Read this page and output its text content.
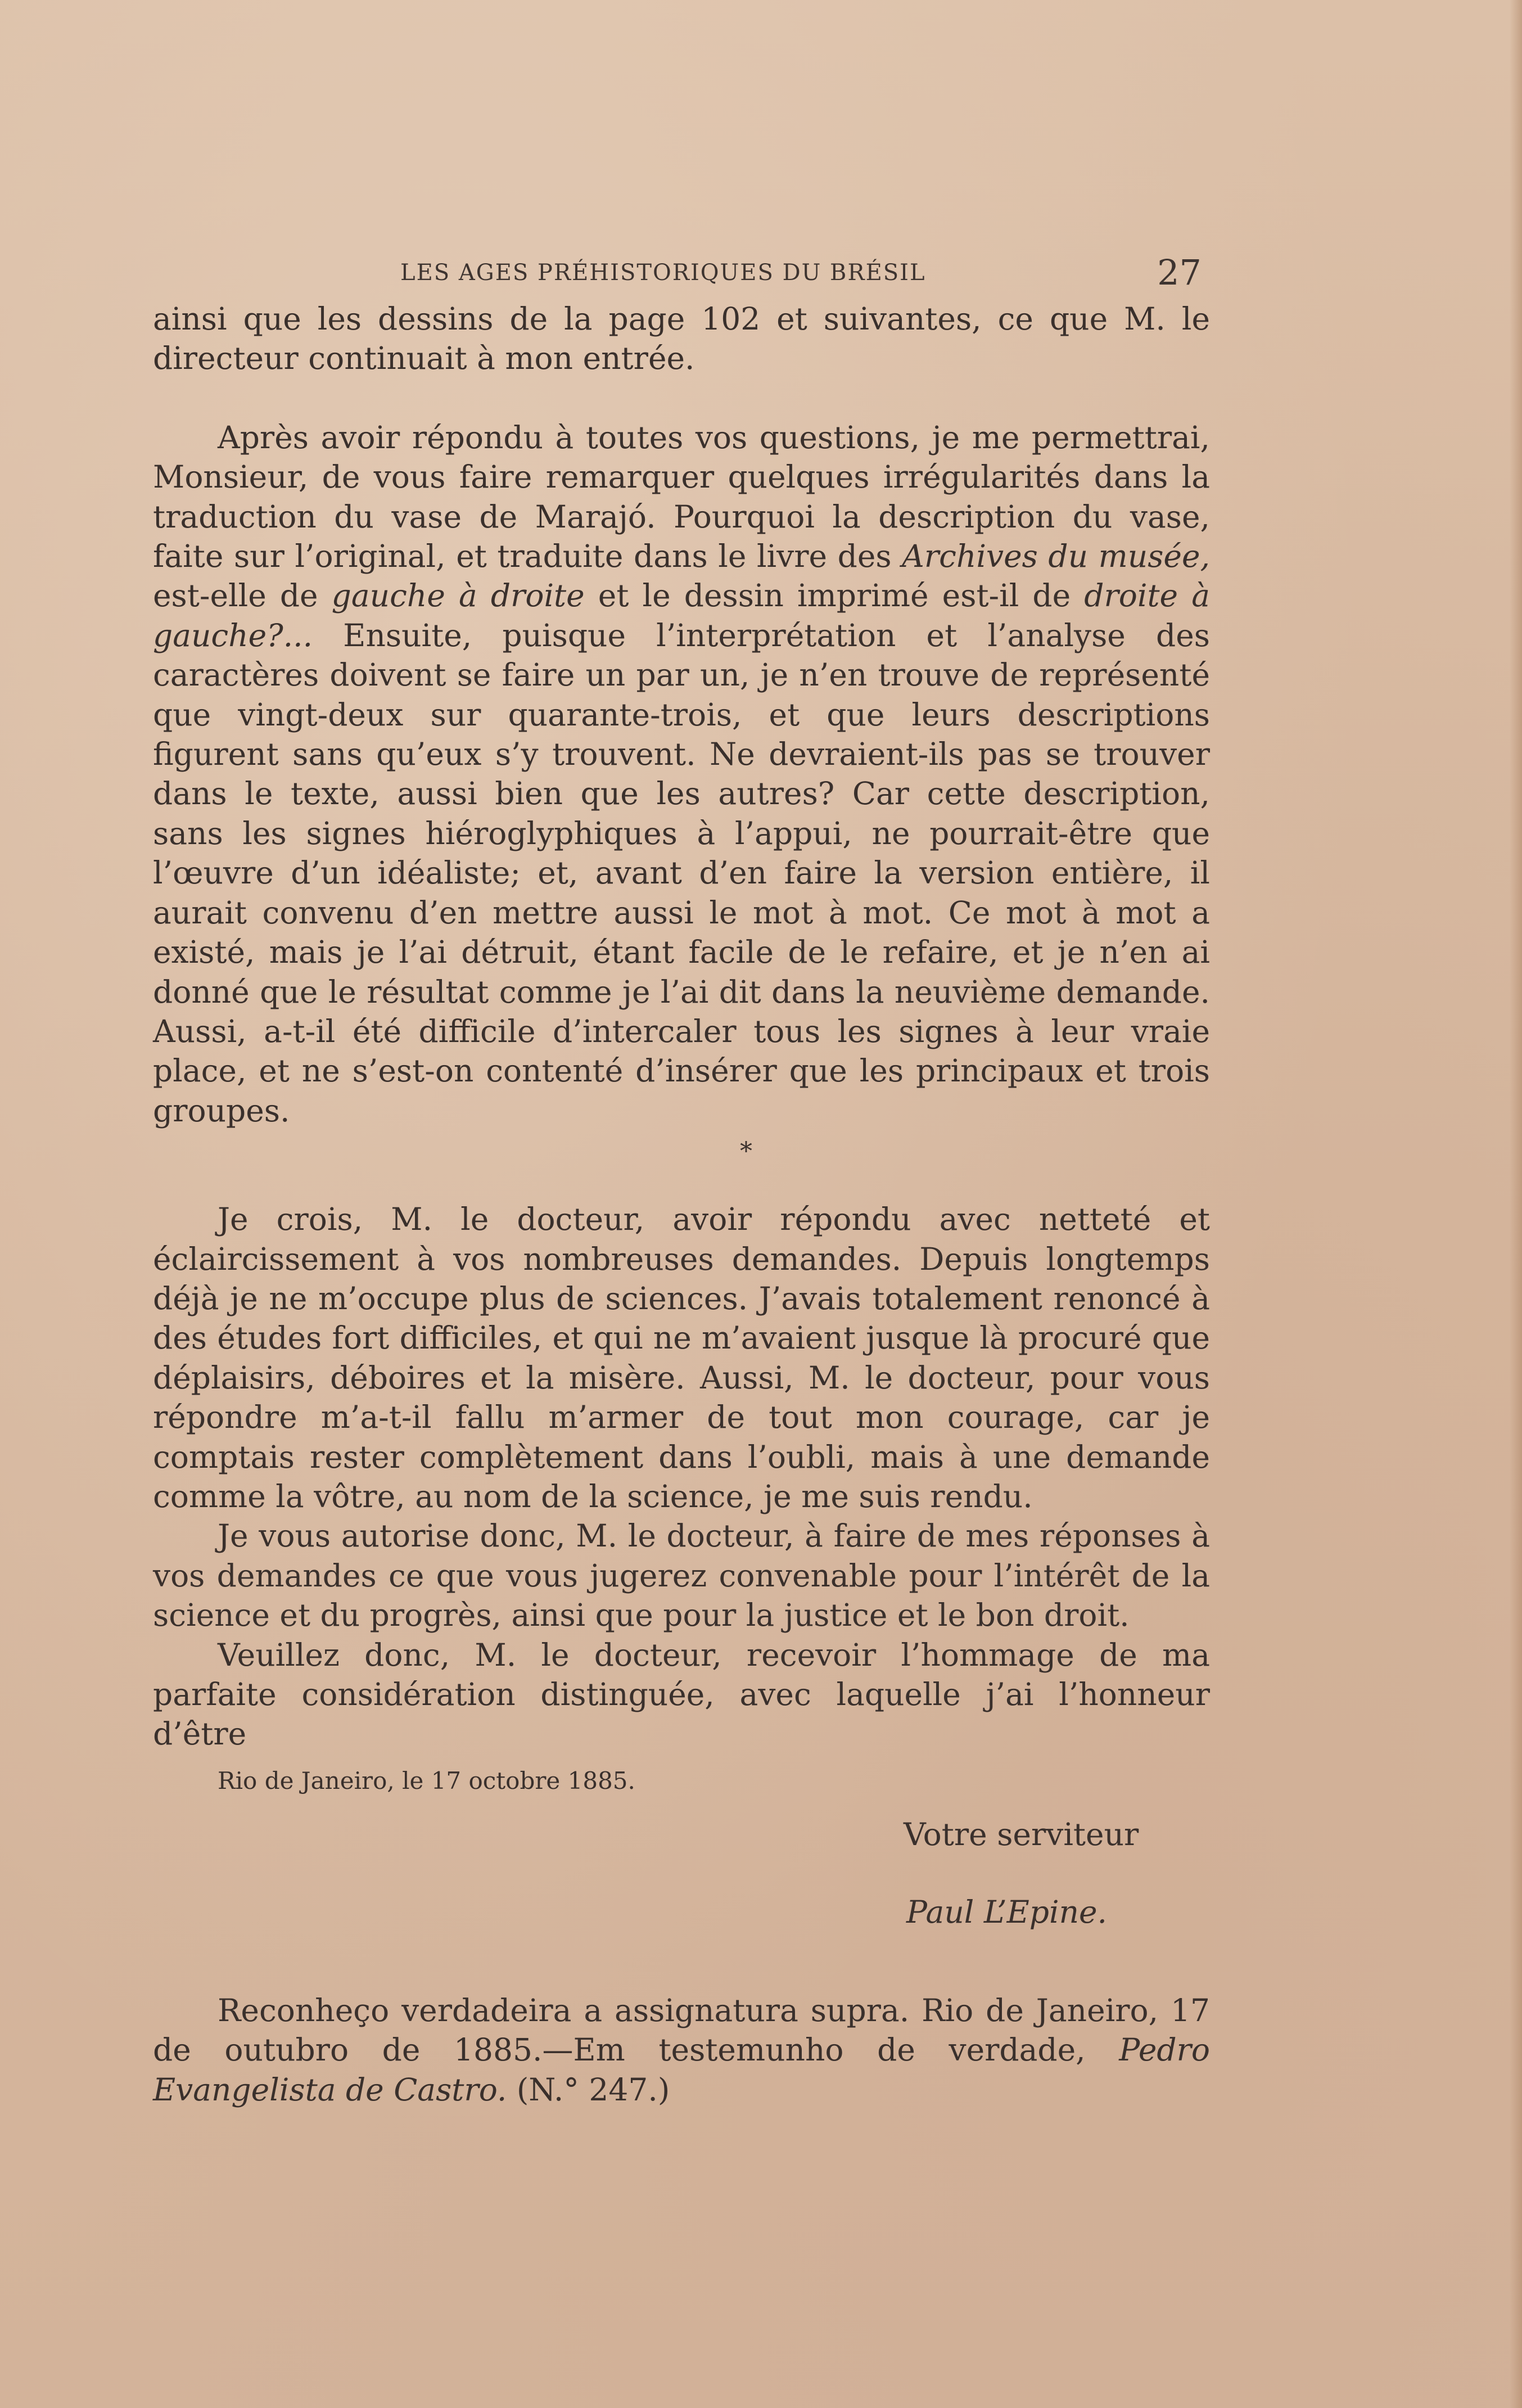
LES AGES PRÉHISTORIQUES DU BRÉSIL	27

ainsi que les dessins de la page 102 et suivantes, ce que M. le directeur continuait à mon entrée.

Après avoir répondu à toutes vos questions, je me permettrai, Monsieur, de vous faire remarquer quelques irrégularités dans la traduction du vase de Marajó. Pourquoi la description du vase, faite sur l’original, et traduite dans le livre des Archives du musée, est-elle de gauche à droite et le dessin imprimé est-il de droite à gauche?... Ensuite, puisque l’interprétation et l’analyse des caractères doivent se faire un par un, je n’en trouve de représenté que vingt-deux sur quarante-trois, et que leurs descriptions figurent sans qu’eux s’y trouvent. Ne devraient-ils pas se trouver dans le texte, aussi bien que les autres? Car cette description, sans les signes hiéroglyphiques à l’appui, ne pourrait-être que l’œuvre d’un idéaliste; et, avant d’en faire la version entière, il aurait convenu d’en mettre aussi le mot à mot. Ce mot à mot a existé, mais je l’ai détruit, étant facile de le refaire, et je n’en ai donné que le résultat comme je l’ai dit dans la neuvième demande. Aussi, a-t-il été difficile d’intercaler tous les signes à leur vraie place, et ne s’est-on contenté d’insérer que les principaux et trois groupes.

*

Je crois, M. le docteur, avoir répondu avec netteté et éclaircissement à vos nombreuses demandes. Depuis longtemps déjà je ne m’occupe plus de sciences. J’avais totalement renoncé à des études fort difficiles, et qui ne m’avaient jusque là procuré que déplaisirs, déboires et la misère. Aussi, M. le docteur, pour vous répondre m’a-t-il fallu m’armer de tout mon courage, car je comptais rester complètement dans l’oubli, mais à une demande comme la vôtre, au nom de la science, je me suis rendu.

Je vous autorise donc, M. le docteur, à faire de mes réponses à vos demandes ce que vous jugerez convenable pour l’intérêt de la science et du progrès, ainsi que pour la justice et le bon droit.

Veuillez donc, M. le docteur, recevoir l’hommage de ma parfaite considération distinguée, avec laquelle j’ai l’honneur d’être

Rio de Janeiro, le 17 octobre 1885.
Votre serviteur
Paul L’Epine.

Reconheço verdadeira a assignatura supra. Rio de Janeiro, 17 de outubro de 1885.—Em testemunho de verdade, Pedro Evangelista de Castro. (N.° 247.)
